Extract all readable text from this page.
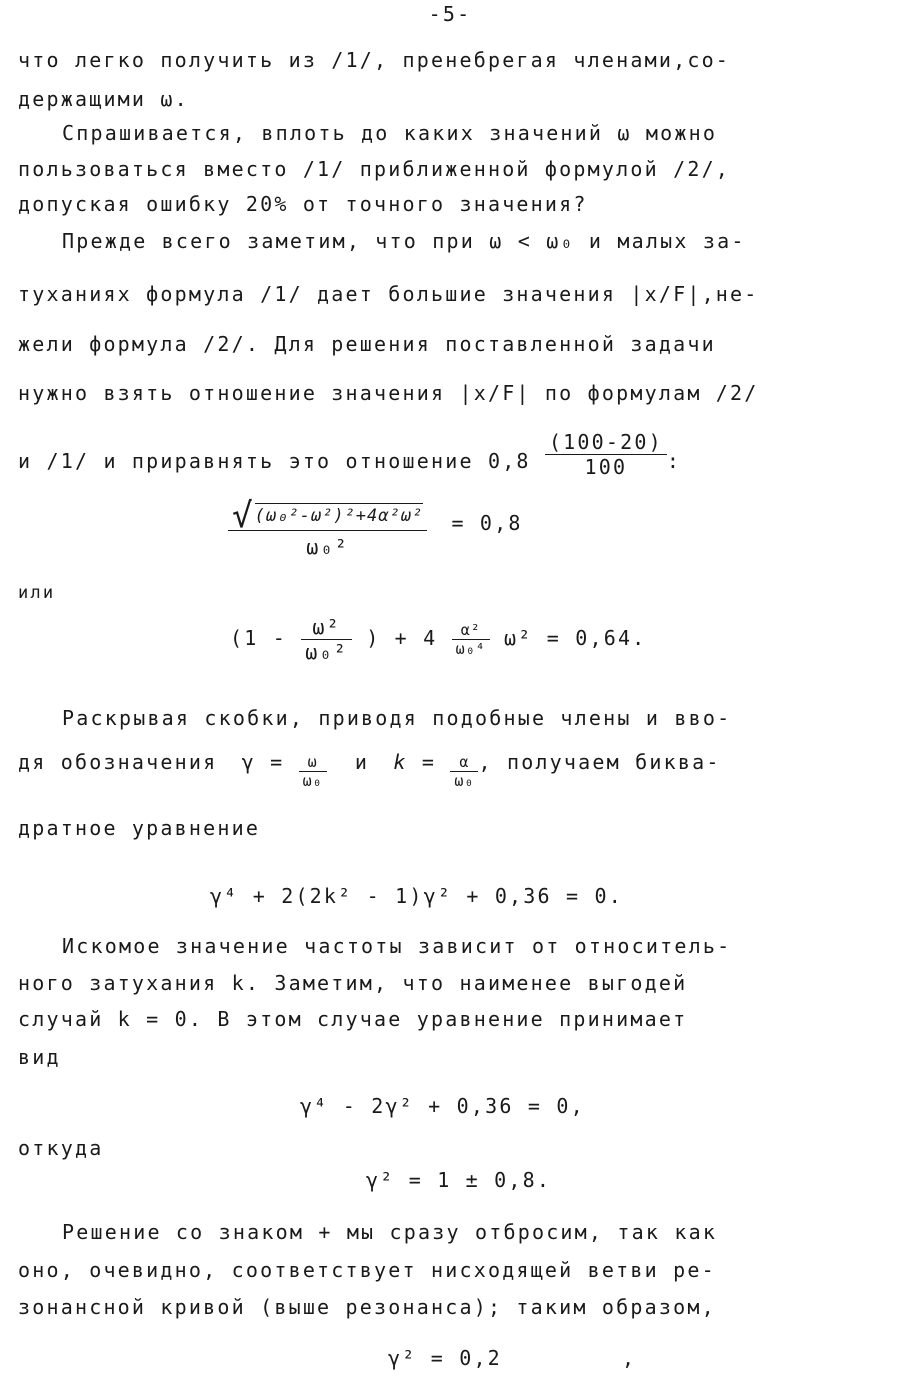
-5-
что легко получить из /1/, пренебрегая членами,со-
держащими ω.
Спрашивается, вплоть до каких значений ω можно
пользоваться вместо /1/ приближенной формулой /2/,
допуская ошибку 20% от точного значения?
Прежде всего заметим, что при ω < ω₀ и малых за-
туханиях формула /1/ дает большие значения |x/F|,не-
жели формула /2/. Для решения поставленной задачи
нужно взять отношение значения |x/F| по формулам /2/
и /1/ и приравнять это отношение $0,8 \frac{(100-20)}{100}$ :
$\frac{\text{√(ω₀²-ω²)²+4α²ω²}}{\text{ω₀²}} = 0,8$
или
($1 - \frac{\text{ω²}}{\text{ω₀²}}$ ) + $4 \frac{\text{α²}}{\text{ω₀⁴}} \omega^2 = 0,64$.
Раскрывая скобки, приводя подобные члены и вво-
дя обозначения $\gamma = \frac{\omega}{\text{ω₀}}$ и $k = \frac{\alpha}{\text{ω₀}}$ , получаем биква-
дратное уравнение
γ⁴ + 2(2k² - 1)γ² + 0,36 = 0.
Искомое значение частоты зависит от относитель-
ного затухания k. Заметим, что наименее выгодей
случай k = 0. В этом случае уравнение принимает
вид
γ⁴ - 2γ² + 0,36 = 0,
откуда
γ² = 1 ± 0,8.
Решение со знаком + мы сразу отбросим, так как
оно, очевидно, соответствует нисходящей ветви ре-
зонансной кривой (выше резонанса); таким образом,
γ² = 0,2	,
